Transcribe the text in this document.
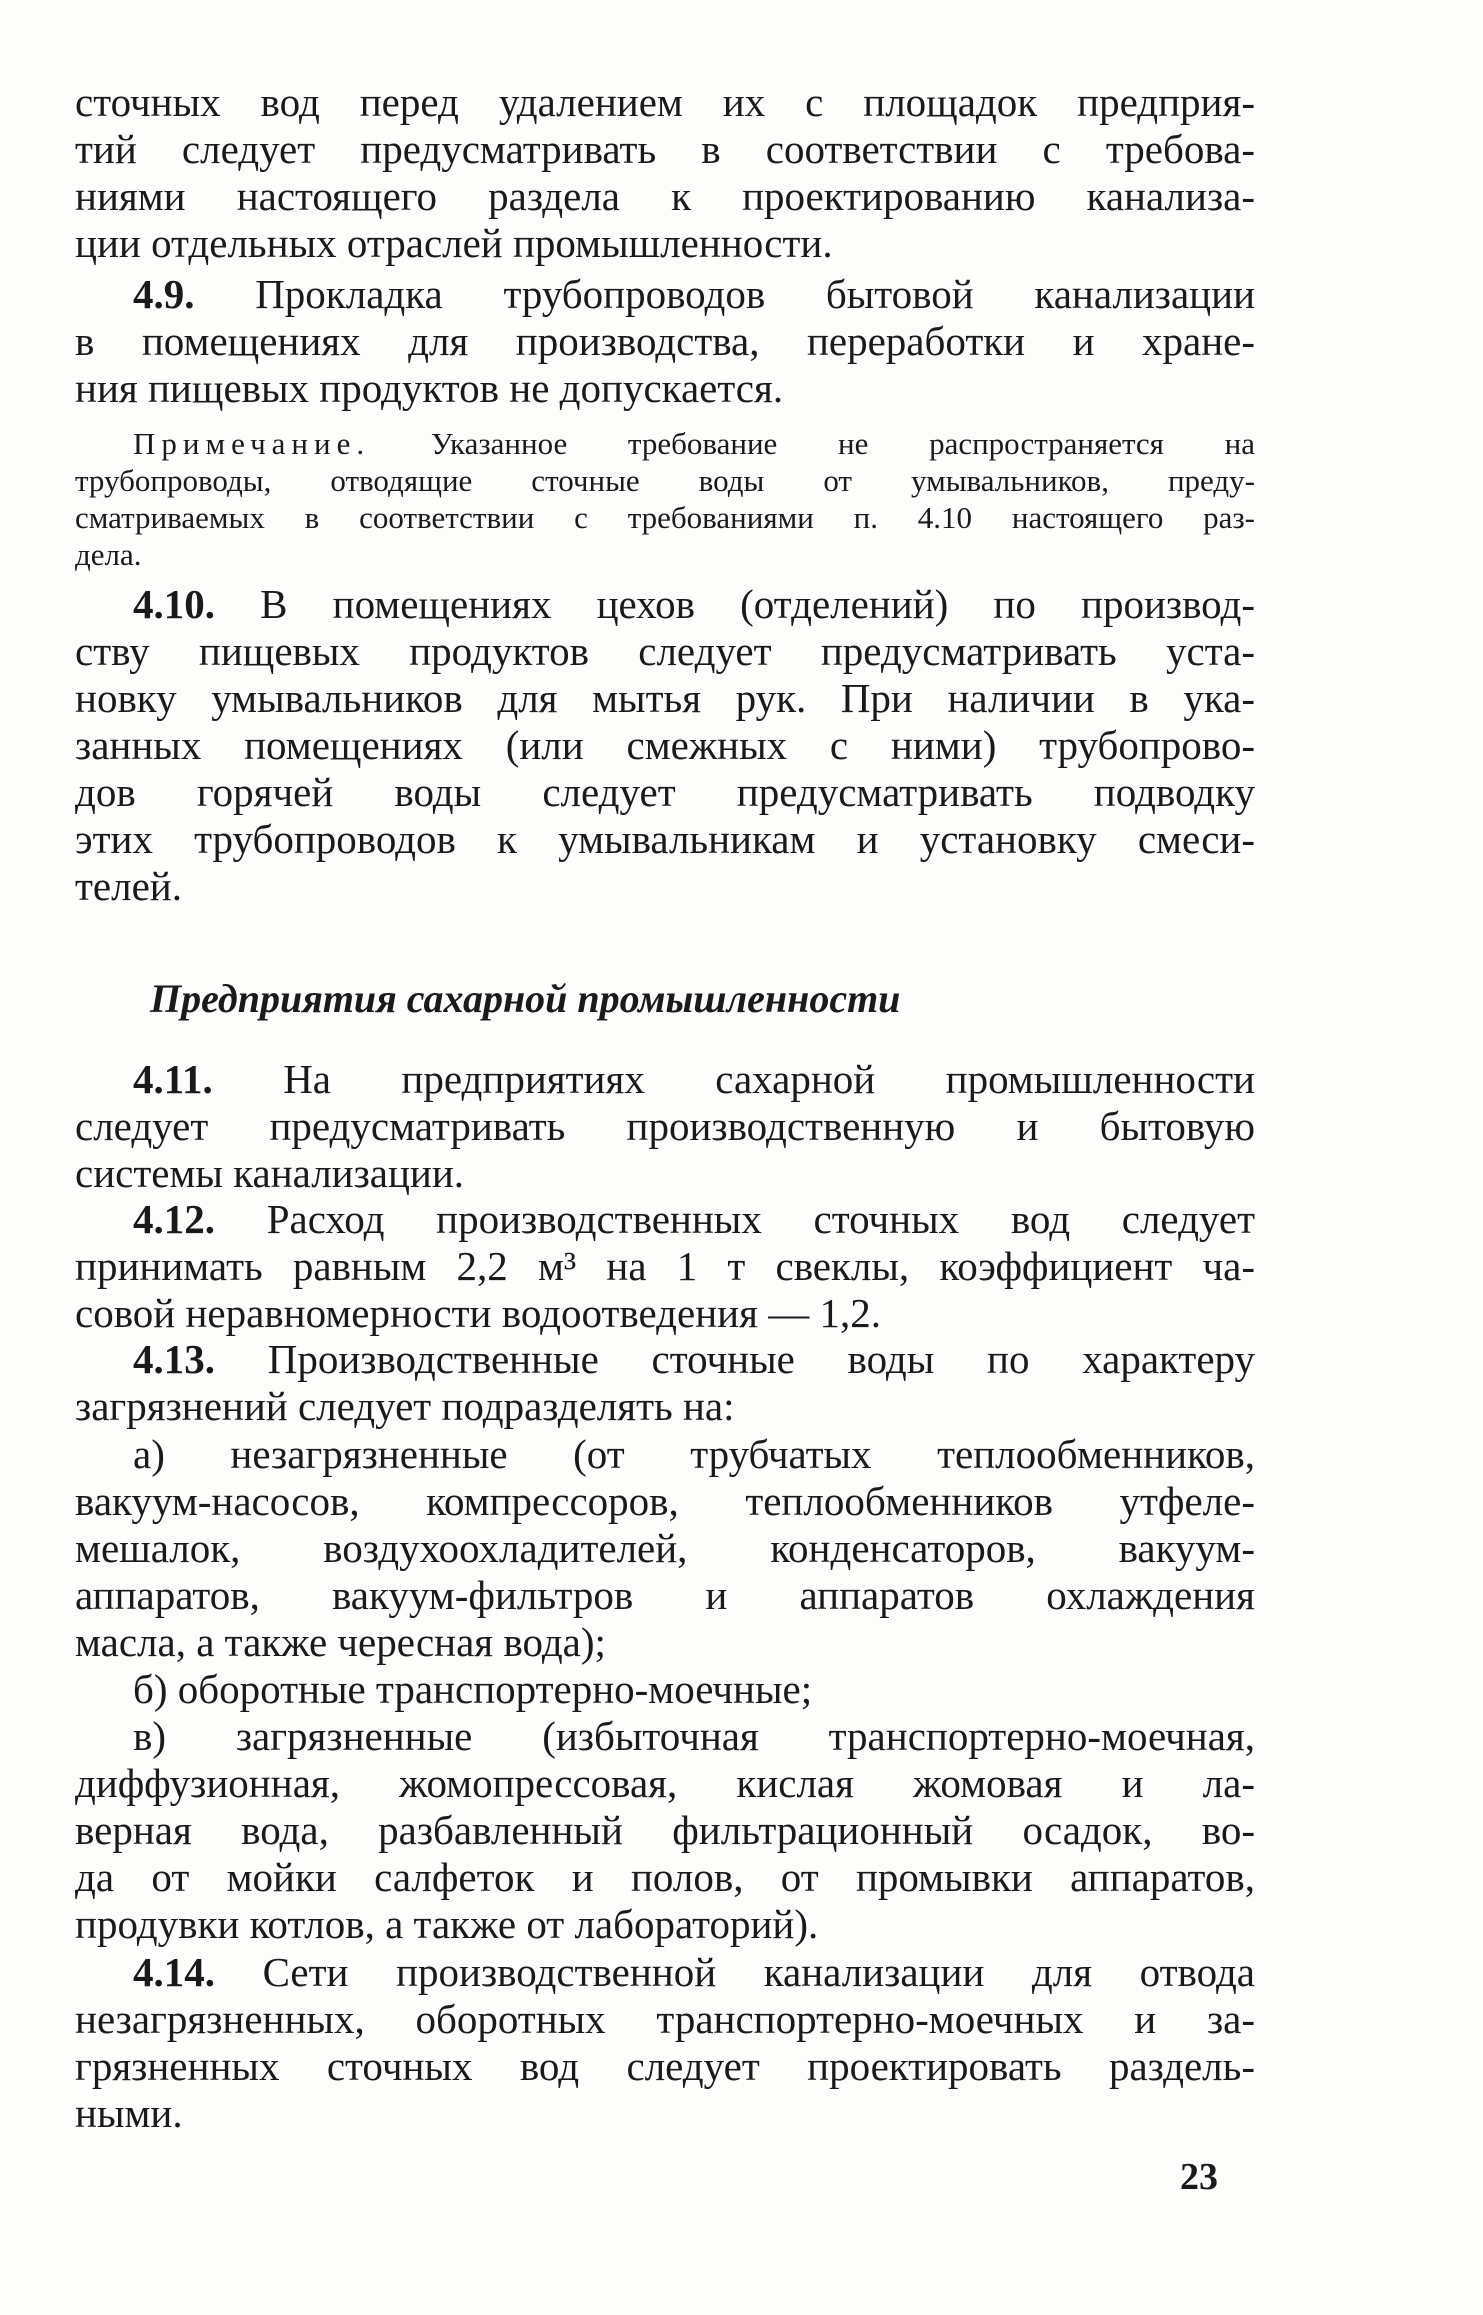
сточных вод перед удалением их с площадок предприя-
тий следует предусматривать в соответствии с требова-
ниями настоящего раздела к проектированию канализа-
ции отдельных отраслей промышленности.
4.9. Прокладка трубопроводов бытовой канализации
в помещениях для производства, переработки и хране-
ния пищевых продуктов не допускается.
Примечание. Указанное требование не распространяется на
трубопроводы, отводящие сточные воды от умывальников, преду-
сматриваемых в соответствии с требованиями п. 4.10 настоящего раз-
дела.
4.10. В помещениях цехов (отделений) по производ-
ству пищевых продуктов следует предусматривать уста-
новку умывальников для мытья рук. При наличии в ука-
занных помещениях (или смежных с ними) трубопрово-
дов горячей воды следует предусматривать подводку
этих трубопроводов к умывальникам и установку смеси-
телей.
Предприятия сахарной промышленности
4.11. На предприятиях сахарной промышленности
следует предусматривать производственную и бытовую
системы канализации.
4.12. Расход производственных сточных вод следует
принимать равным 2,2 м³ на 1 т свеклы, коэффициент ча-
совой неравномерности водоотведения — 1,2.
4.13. Производственные сточные воды по характеру
загрязнений следует подразделять на:
а) незагрязненные (от трубчатых теплообменников,
вакуум-насосов, компрессоров, теплообменников утфеле-
мешалок, воздухоохладителей, конденсаторов, вакуум-
аппаратов, вакуум-фильтров и аппаратов охлаждения
масла, а также чересная вода);
б) оборотные транспортерно-моечные;
в) загрязненные (избыточная транспортерно-моечная,
диффузионная, жомопрессовая, кислая жомовая и ла-
верная вода, разбавленный фильтрационный осадок, во-
да от мойки салфеток и полов, от промывки аппаратов,
продувки котлов, а также от лабораторий).
4.14. Сети производственной канализации для отвода
незагрязненных, оборотных транспортерно-моечных и за-
грязненных сточных вод следует проектировать раздель-
ными.
23
